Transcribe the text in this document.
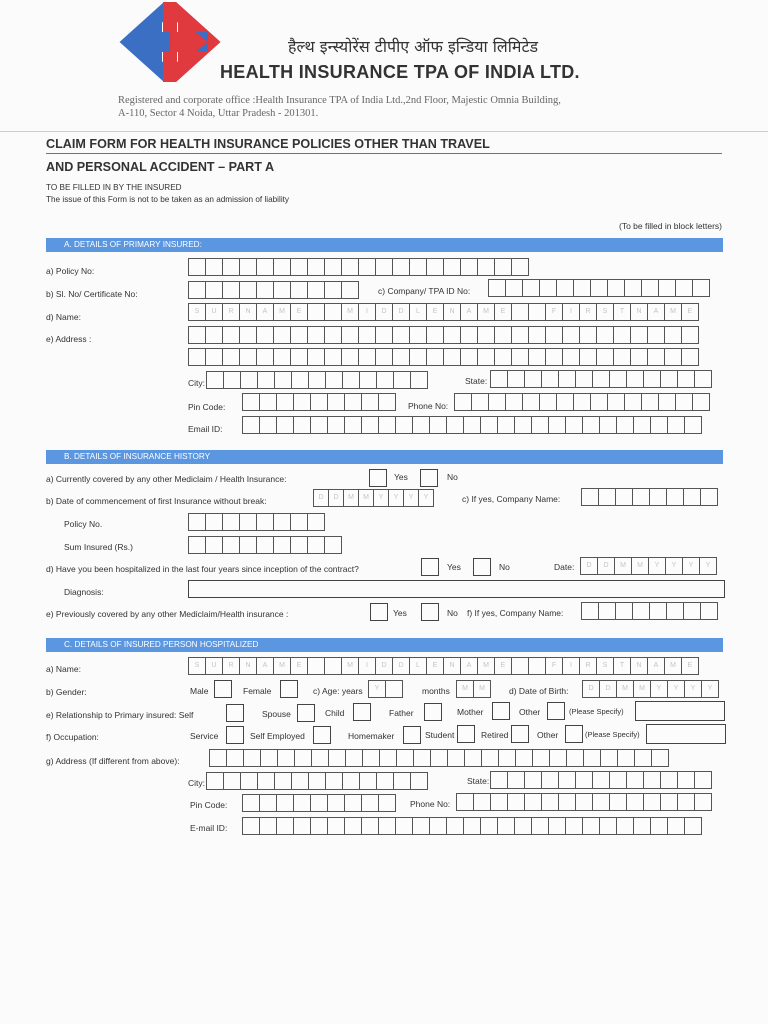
हैल्थ इन्स्योरेंस टीपीए ऑफ इन्डिया लिमिटेड
HEALTH INSURANCE TPA OF INDIA LTD.
Registered and corporate office :Health Insurance TPA of India Ltd.,2nd Floor, Majestic Omnia Building,
A-110, Sector 4 Noida, Uttar Pradesh - 201301.
CLAIM FORM FOR HEALTH INSURANCE POLICIES OTHER THAN TRAVEL
AND PERSONAL ACCIDENT – PART A
TO BE FILLED IN BY THE INSURED
The issue of this Form is not to be taken as an admission of liability
(To be filled in block letters)
A. DETAILS OF PRIMARY INSURED:
a) Policy No:
b) Sl. No/ Certificate No:	c) Company/ TPA ID No:
d) Name:
S	U	R	N	A	M	E	M	I	D	D	L	E	N	A	M	E	F	I	R	S	T	N	A	M	E
e) Address :
City:	State:
Pin Code:	Phone No:
Email ID:
B. DETAILS OF INSURANCE HISTORY
a) Currently covered by any other Mediclaim / Health Insurance:	Yes	No
b) Date of commencement of first Insurance without break:	D	D	M	M	Y	Y	Y	Y	c) If yes, Company Name:
Policy No.
Sum Insured (Rs.)
d) Have you been hospitalized in the last four years since inception of the contract?	Yes	No	Date:	D	D	M	M	Y	Y	Y	Y
Diagnosis:
e) Previously covered by any other Mediclaim/Health insurance :	Yes	No f) If yes, Company Name:
C. DETAILS OF INSURED PERSON HOSPITALIZED
a) Name:	S	U	R	N	A	M	E	M	I	D	D	L	E	N	A	M	E	F	I	R	S	T	N	A	M	E
b) Gender:	Male	Female	c) Age: years	Y	months	M	M	d) Date of Birth:	D	D	M	M	Y	Y	Y	Y
e) Relationship to Primary insured: Self	Spouse	Child	Father	Mother	Other	(Please Specify)
f) Occupation:	Service	Self Employed	Homemaker	Student	Retired	Other	(Please Specify)
g) Address (If different from above):
City:	State:
Pin Code:	Phone No:
E-mail ID:
